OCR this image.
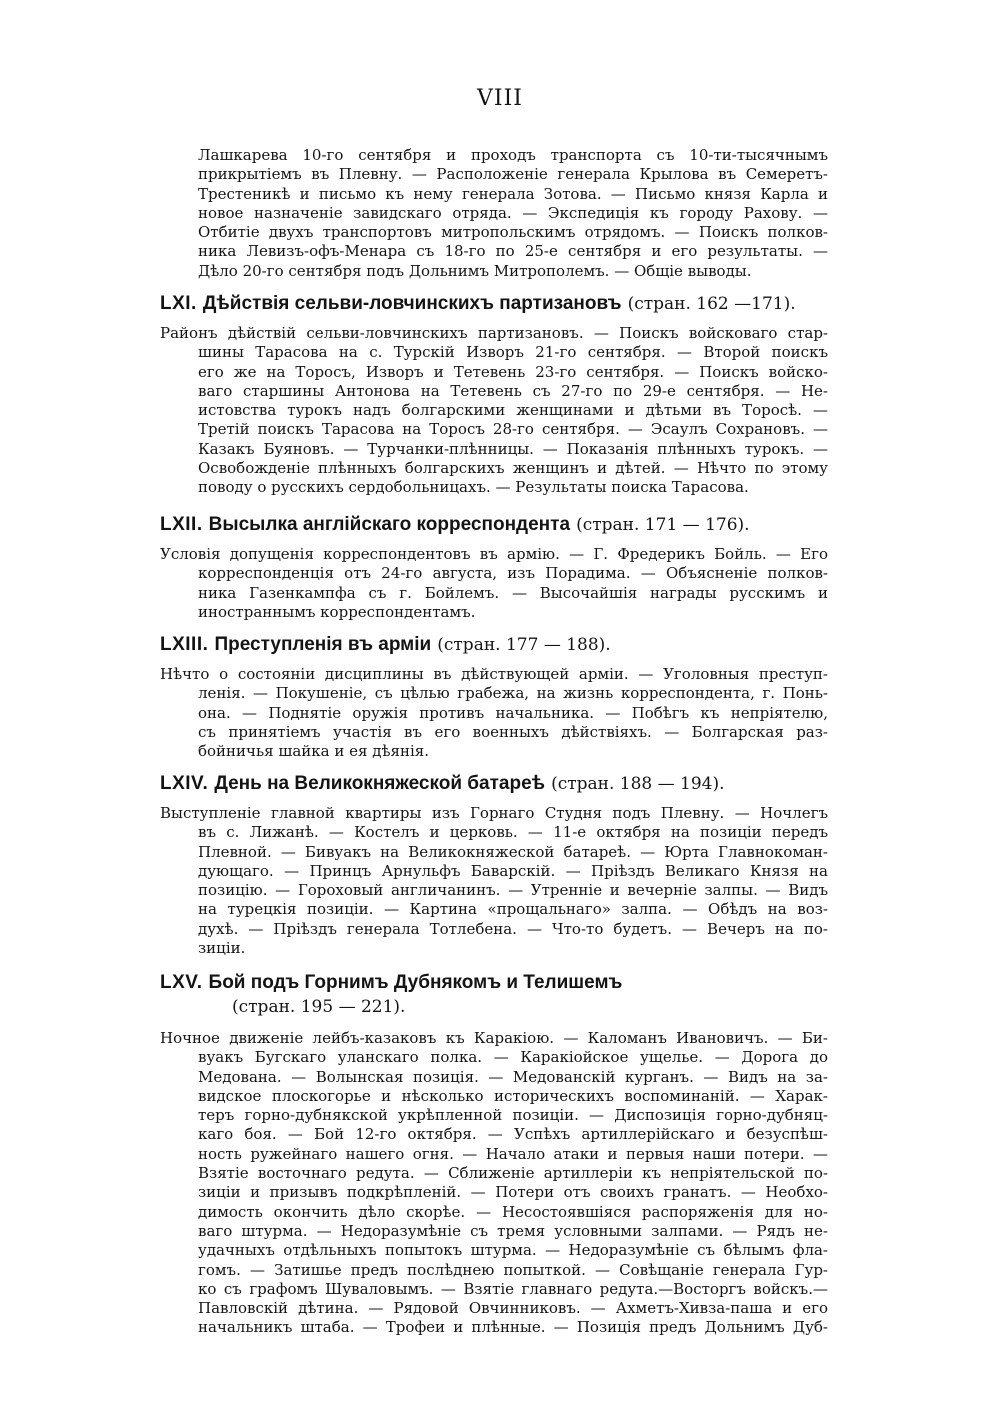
VIII
Лашкарева 10-го сентября и проходъ транспорта съ 10-ти-тысячнымъ
прикрытіемъ въ Плевну. — Расположеніе генерала Крылова въ Семеретъ-
Трестеникѣ и письмо къ нему генерала Зотова. — Письмо князя Карла и
новое назначеніе завидскаго отряда. — Экспедиція къ городу Рахову. —
Отбитіе двухъ транспортовъ митропольскимъ отрядомъ. — Поискъ полков-
ника Левизъ-офъ-Менара съ 18-го по 25-е сентября и его результаты. —
Дѣло 20-го сентября подъ Дольнимъ Митрополемъ. — Общіе выводы.
LXI. Дѣйствія сельви-ловчинскихъ партизановъ (стран. 162 —171).
Районъ дѣйствій сельви-ловчинскихъ партизановъ. — Поискъ войсковаго стар-
шины Тарасова на с. Турскій Изворъ 21-го сентября. — Второй поискъ
его же на Торосъ, Изворъ и Тетевень 23-го сентября. — Поискъ войско-
ваго старшины Антонова на Тетевень съ 27-го по 29-е сентября. — Не-
истовства турокъ надъ болгарскими женщинами и дѣтьми въ Торосѣ. —
Третій поискъ Тарасова на Торосъ 28-го сентября. — Эсаулъ Сохрановъ. —
Казакъ Буяновъ. — Турчанки-плѣнницы. — Показанія плѣнныхъ турокъ. —
Освобожденіе плѣнныхъ болгарскихъ женщинъ и дѣтей. — Нѣчто по этому
поводу о русскихъ сердобольницахъ. — Результаты поиска Тарасова.
LXII. Высылка англійскаго корреспондента (стран. 171 — 176).
Условія допущенія корреспондентовъ въ армію. — Г. Фредерикъ Бойль. — Его
корреспонденція отъ 24-го августа, изъ Порадима. — Объясненіе полков-
ника Газенкампфа съ г. Бойлемъ. — Высочайшія награды русскимъ и
иностраннымъ корреспондентамъ.
LXIII. Преступленія въ арміи (стран. 177 — 188).
Нѣчто о состояніи дисциплины въ дѣйствующей арміи. — Уголовныя преступ-
ленія. — Покушеніе, съ цѣлью грабежа, на жизнь корреспондента, г. Понь-
она. — Поднятіе оружія противъ начальника. — Побѣгъ къ непріятелю,
съ принятіемъ участія въ его военныхъ дѣйствіяхъ. — Болгарская раз-
бойничья шайка и ея дѣянія.
LXIV. День на Великокняжеской батареѣ (стран. 188 — 194).
Выступленіе главной квартиры изъ Горнаго Студня подъ Плевну. — Ночлегъ
въ с. Лижанѣ. — Костелъ и церковь. — 11-е октября на позиціи передъ
Плевной. — Бивуакъ на Великокняжеской батареѣ. — Юрта Главнокоман-
дующаго. — Принцъ Арнульфъ Баварскій. — Пріѣздъ Великаго Князя на
позицію. — Гороховый англичанинъ. — Утренніе и вечерніе залпы. — Видъ
на турецкія позиціи. — Картина «прощальнаго» залпа. — Обѣдъ на воз-
духѣ. — Пріѣздъ генерала Тотлебена. — Что-то будетъ. — Вечеръ на по-
зиціи.
LXV. Бой подъ Горнимъ Дубнякомъ и Телишемъ
(стран. 195 — 221).
Ночное движеніе лейбъ-казаковъ къ Каракіою. — Каломанъ Ивановичъ. — Би-
вуакъ Бугскаго уланскаго полка. — Каракіойское ущелье. — Дорога до
Медована. — Волынская позиція. — Медованскій курганъ. — Видъ на за-
видское плоскогорье и нѣсколько историческихъ воспоминаній. — Харак-
теръ горно-дубнякской укрѣпленной позиціи. — Диспозиція горно-дубняц-
каго боя. — Бой 12-го октября. — Успѣхъ артиллерійскаго и безуспѣш-
ность ружейнаго нашего огня. — Начало атаки и первыя наши потери. —
Взятіе восточнаго редута. — Сближеніе артиллеріи къ непріятельской по-
зиціи и призывъ подкрѣпленій. — Потери отъ своихъ гранатъ. — Необхо-
димость окончить дѣло скорѣе. — Несостоявшіяся распоряженія для но-
ваго штурма. — Недоразумѣніе съ тремя условными залпами. — Рядъ не-
удачныхъ отдѣльныхъ попытокъ штурма. — Недоразумѣніе съ бѣлымъ фла-
гомъ. — Затишье предъ послѣднею попыткой. — Совѣщаніе генерала Гур-
ко съ графомъ Шуваловымъ. — Взятіе главнаго редута.—Восторгъ войскъ.—
Павловскій дѣтина. — Рядовой Овчинниковъ. — Ахметъ-Хивза-паша и его
начальникъ штаба. — Трофеи и плѣнные. — Позиція предъ Дольнимъ Дуб-
